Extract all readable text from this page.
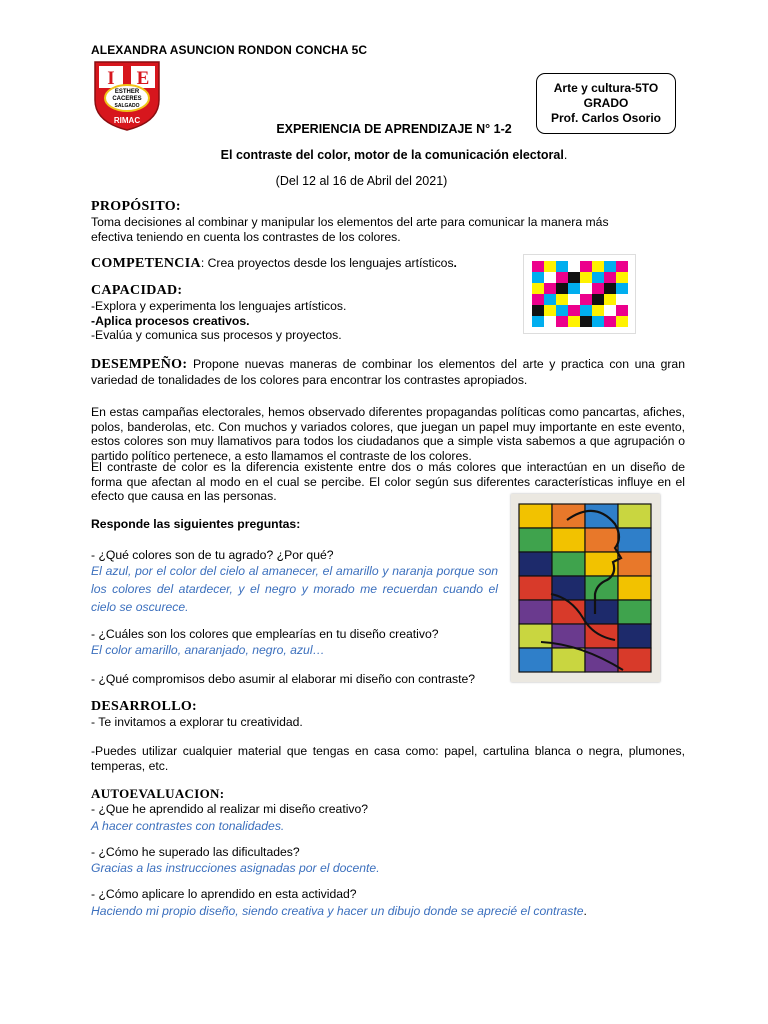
ALEXANDRA ASUNCION RONDON CONCHA 5C
I E
ESTHER
CACERES
SALGADO
RIMAC
Arte y cultura-5TO
GRADO
Prof. Carlos Osorio
EXPERIENCIA DE APRENDIZAJE N° 1-2
El contraste del color, motor de la comunicación electoral.
(Del 12 al 16 de Abril del 2021)
PROPÓSITO:
Toma decisiones al combinar y manipular los elementos del arte para comunicar la manera más efectiva teniendo en cuenta los contrastes de los colores.
COMPETENCIA: Crea proyectos desde los lenguajes artísticos.
CAPACIDAD:
-Explora y experimenta los lenguajes artísticos.
-Aplica procesos creativos.
-Evalúa y comunica sus procesos y proyectos.
DESEMPEÑO: Propone nuevas maneras de combinar los elementos del arte y practica con una gran variedad de tonalidades de los colores para encontrar los contrastes apropiados.
En estas campañas electorales, hemos observado diferentes propagandas políticas como pancartas, afiches, polos, banderolas, etc. Con muchos y variados colores, que juegan un papel muy importante en este evento, estos colores son muy llamativos para todos los ciudadanos que a simple vista sabemos a que agrupación o partido político pertenece, a esto llamamos el contraste de los colores.
El contraste de color es la diferencia existente entre dos o más colores que interactúan en un diseño de forma que afectan al modo en el cual se percibe. El color según sus diferentes características influye en el efecto que causa en las personas.
Responde las siguientes preguntas:
- ¿Qué colores son de tu agrado? ¿Por qué?
El azul, por el color del cielo al amanecer, el amarillo y naranja porque son los colores del atardecer, y el negro y morado me recuerdan cuando el cielo se oscurece.
- ¿Cuáles son los colores que emplearías en tu diseño creativo?
El color amarillo, anaranjado, negro, azul…
- ¿Qué compromisos debo asumir al elaborar mi diseño con contraste?
DESARROLLO:
- Te invitamos a explorar tu creatividad.
-Puedes utilizar cualquier material que tengas en casa como: papel, cartulina blanca o negra, plumones, temperas, etc.
AUTOEVALUACION:
- ¿Que he aprendido al realizar mi diseño creativo?
A hacer contrastes con tonalidades.
- ¿Cómo he superado las dificultades?
Gracias a las instrucciones asignadas por el docente.
- ¿Cómo aplicare lo aprendido en esta actividad?
Haciendo mi propio diseño, siendo creativa y hacer un dibujo donde se aprecié el contraste.
